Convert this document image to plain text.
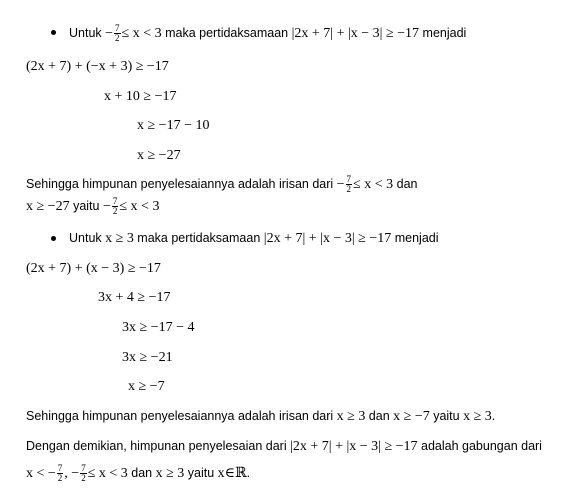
Untuk − $\frac{7}{2} \le x < 3$ maka pertidaksamaan |2x + 7| + |x − 3| ≥ −17 menjadi
(2x + 7) + (−x + 3) ≥ −17
x + 10 ≥ −17
x ≥ −17 − 10
x ≥ −27
Sehingga himpunan penyelesaiannya adalah irisan dari − $\frac{7}{2} \le x < 3$ dan
x ≥ −27 yaitu − $\frac{7}{2} \le x < 3$
Untuk x ≥ 3 maka pertidaksamaan |2x + 7| + |x − 3| ≥ −17 menjadi
(2x + 7) + (x − 3) ≥ −17
3x + 4 ≥ −17
3x ≥ −17 − 4
3x ≥ −21
x ≥ −7
Sehingga himpunan penyelesaiannya adalah irisan dari x ≥ 3 dan x ≥ −7 yaitu x ≥ 3.
Dengan demikian, himpunan penyelesaian dari |2x + 7| + |x − 3| ≥ −17 adalah gabungan dari
x < − $\frac{7}{2}$ , − $\frac{7}{2} \le x < 3$ dan x ≥ 3 yaitu x∈ℝ.
